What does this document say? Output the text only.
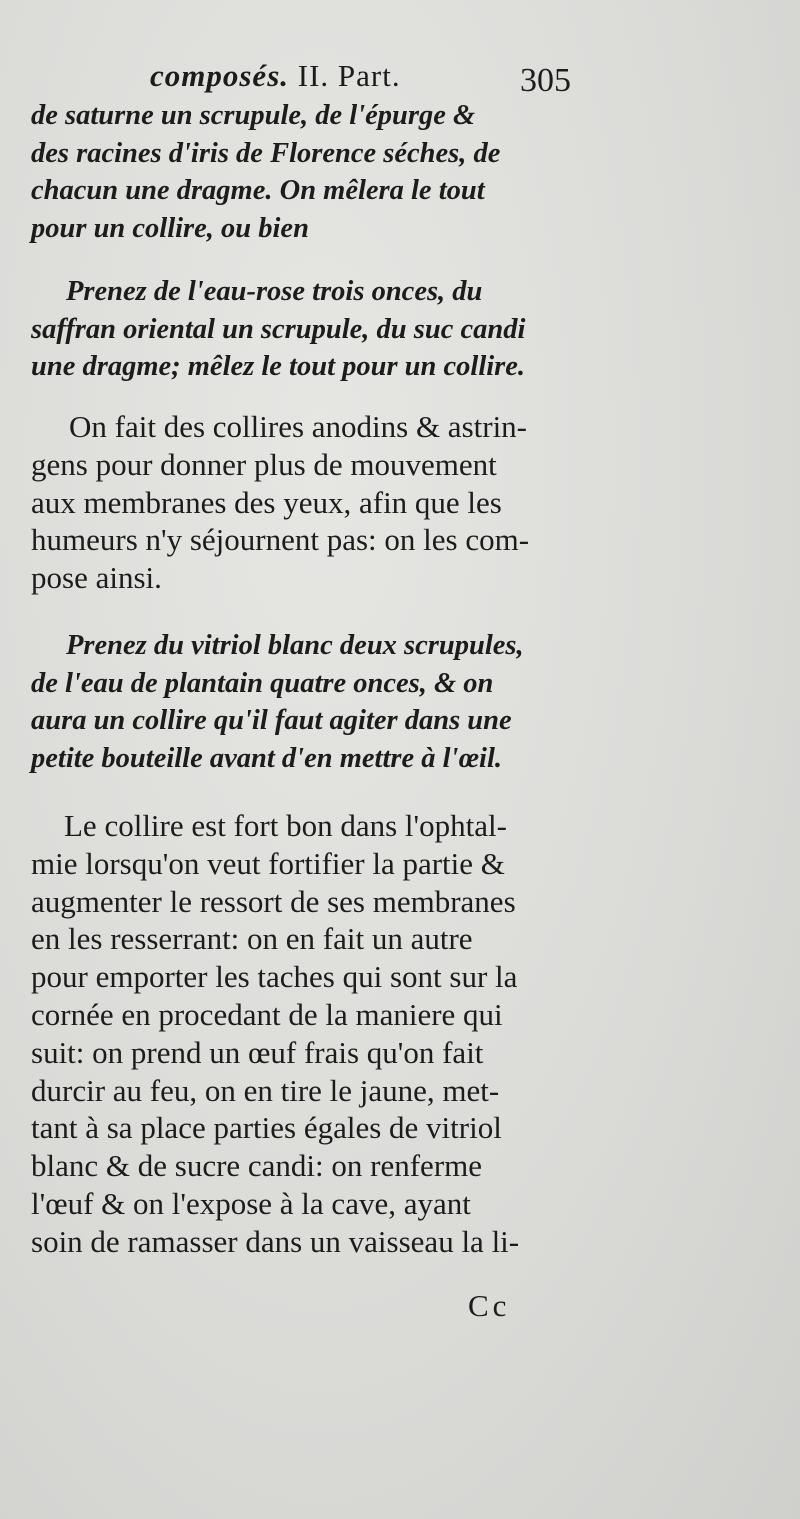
composés. II. Part.	305
de saturne un scrupule, de l'épurge &
des racines d'iris de Florence séches, de
chacun une dragme. On mêlera le tout
pour un collire, ou bien
Prenez de l'eau-rose trois onces, du
saffran oriental un scrupule, du suc candi
une dragme; mêlez le tout pour un collire.
On fait des collires anodins & astrin-
gens pour donner plus de mouvement
aux membranes des yeux, afin que les
humeurs n'y séjournent pas: on les com-
pose ainsi.
Prenez du vitriol blanc deux scrupules,
de l'eau de plantain quatre onces, & on
aura un collire qu'il faut agiter dans une
petite bouteille avant d'en mettre à l'œil.
Le collire est fort bon dans l'ophtal-
mie lorsqu'on veut fortifier la partie &
augmenter le ressort de ses membranes
en les resserrant: on en fait un autre
pour emporter les taches qui sont sur la
cornée en procedant de la maniere qui
suit: on prend un œuf frais qu'on fait
durcir au feu, on en tire le jaune, met-
tant à sa place parties égales de vitriol
blanc & de sucre candi: on renferme
l'œuf & on l'expose à la cave, ayant
soin de ramasser dans un vaisseau la li-
Cc
